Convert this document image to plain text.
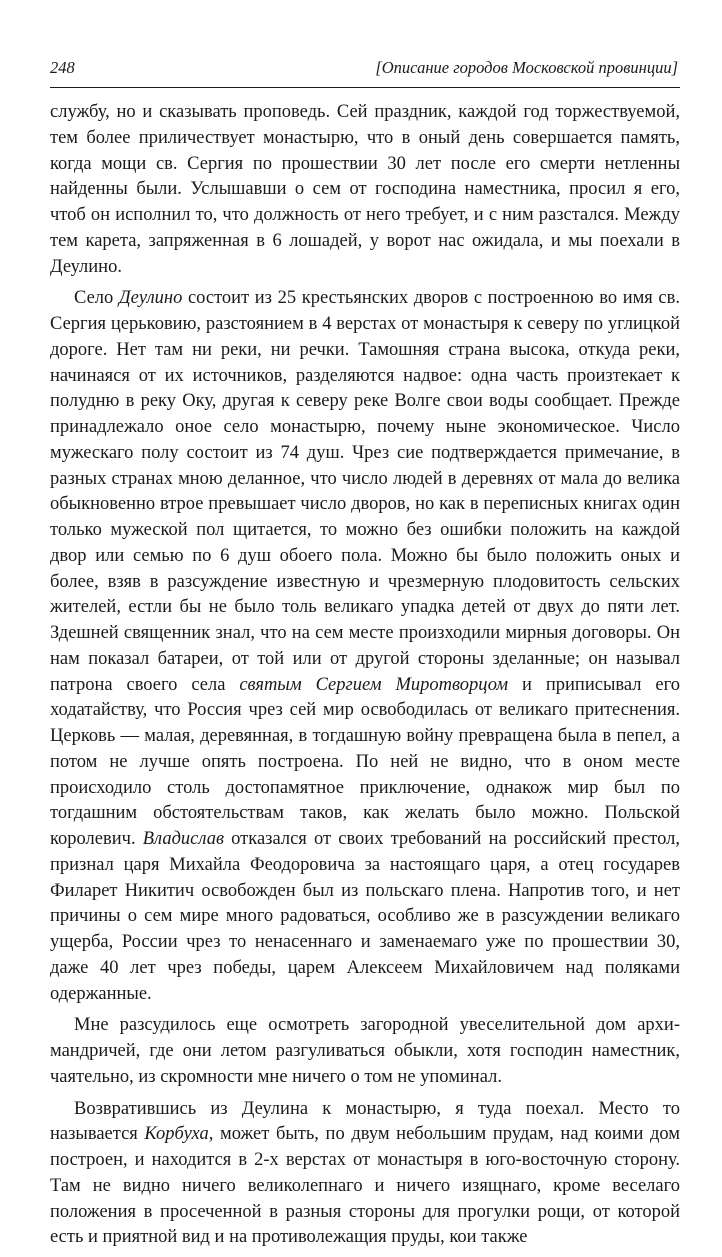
248	[Описание городов Московской провинции]

службу, но и сказывать проповедь. Сей праздник, каждой год торжествуемой, тем более приличествует монастырю, что в оный день совершается память, когда мощи св. Сергия по прошествии 30 лет после его смерти нетленны найденны были. Услышавши о сем от господина наместника, просил я его, чтоб он исполнил то, что должность от него требует, и с ним разстался. Между тем карета, запряженная в 6 лошадей, у ворот нас ожидала, и мы поехали в Деулино.

Село Деулино состоит из 25 крестьянских дворов с построенною во имя св. Сергия церьковию, разстоянием в 4 верстах от монастыря к северу по углицкой дороге. Нет там ни реки, ни речки. Тамошняя страна высока, откуда реки, начинаяся от их источников, разделяются надвое: одна часть произтекает к полудню в реку Оку, другая к северу реке Волге свои воды сообщает. Прежде принадлежало оное село монастырю, почему ныне экономическое. Число мужескаго полу состоит из 74 душ. Чрез сие подтверждается примечание, в разных странах мною деланное, что число людей в деревнях от мала до велика обыкновенно втрое превышает число дворов, но как в переписных книгах один только мужеской пол щитается, то можно без ошибки положить на каждой двор или семью по 6 душ обоего пола. Можно бы было положить оных и более, взяв в разсуждение известную и чрезмерную плодовитость сельских жителей, естли бы не было толь великаго упадка детей от двух до пяти лет. Здешней священник знал, что на сем месте произходили мирныя договоры. Он нам показал батареи, от той или от другой стороны зделанные; он называл патрона своего села святым Сергием Миротворцом и приписывал его ходатайству, что Россия чрез сей мир освободилась от великаго притеснения. Церковь — малая, деревянная, в тогдашную войну превращена была в пепел, а потом не лучше опять построена. По ней не видно, что в оном месте происходило столь достопамятное приключение, однакож мир был по тогдашним обстоятельствам таков, как желать было можно. Польской королевич. Владислав отказался от своих требований на российский престол, признал царя Михайла Феодоровича за настоящаго царя, а отец государев Филарет Никитич освобожден был из польскаго плена. Напротив того, и нет причины о сем мире много радоваться, особливо же в разсуждении великаго ущерба, России чрез то ненасеннаго и заменаемаго уже по прошествии 30, даже 40 лет чрез победы, царем Алексеем Михайловичем над поляками одержанные.

Мне разсудилось еще осмотреть загородной увеселительной дом архимандричей, где они летом разгуливаться обыкли, хотя господин наместник, чаятельно, из скромности мне ничего о том не упоминал.

Возвратившись из Деулина к монастырю, я туда поехал. Место то называется Корбуха, может быть, по двум небольшим прудам, над коими дом построен, и находится в 2-х верстах от монастыря в юго-восточную сторону. Там не видно ничего великолепнаго и ничего изящнаго, кроме веселаго положения в просеченной в разныя стороны для прогулки рощи, от которой есть и приятной вид и на противолежащия пруды, кои также
